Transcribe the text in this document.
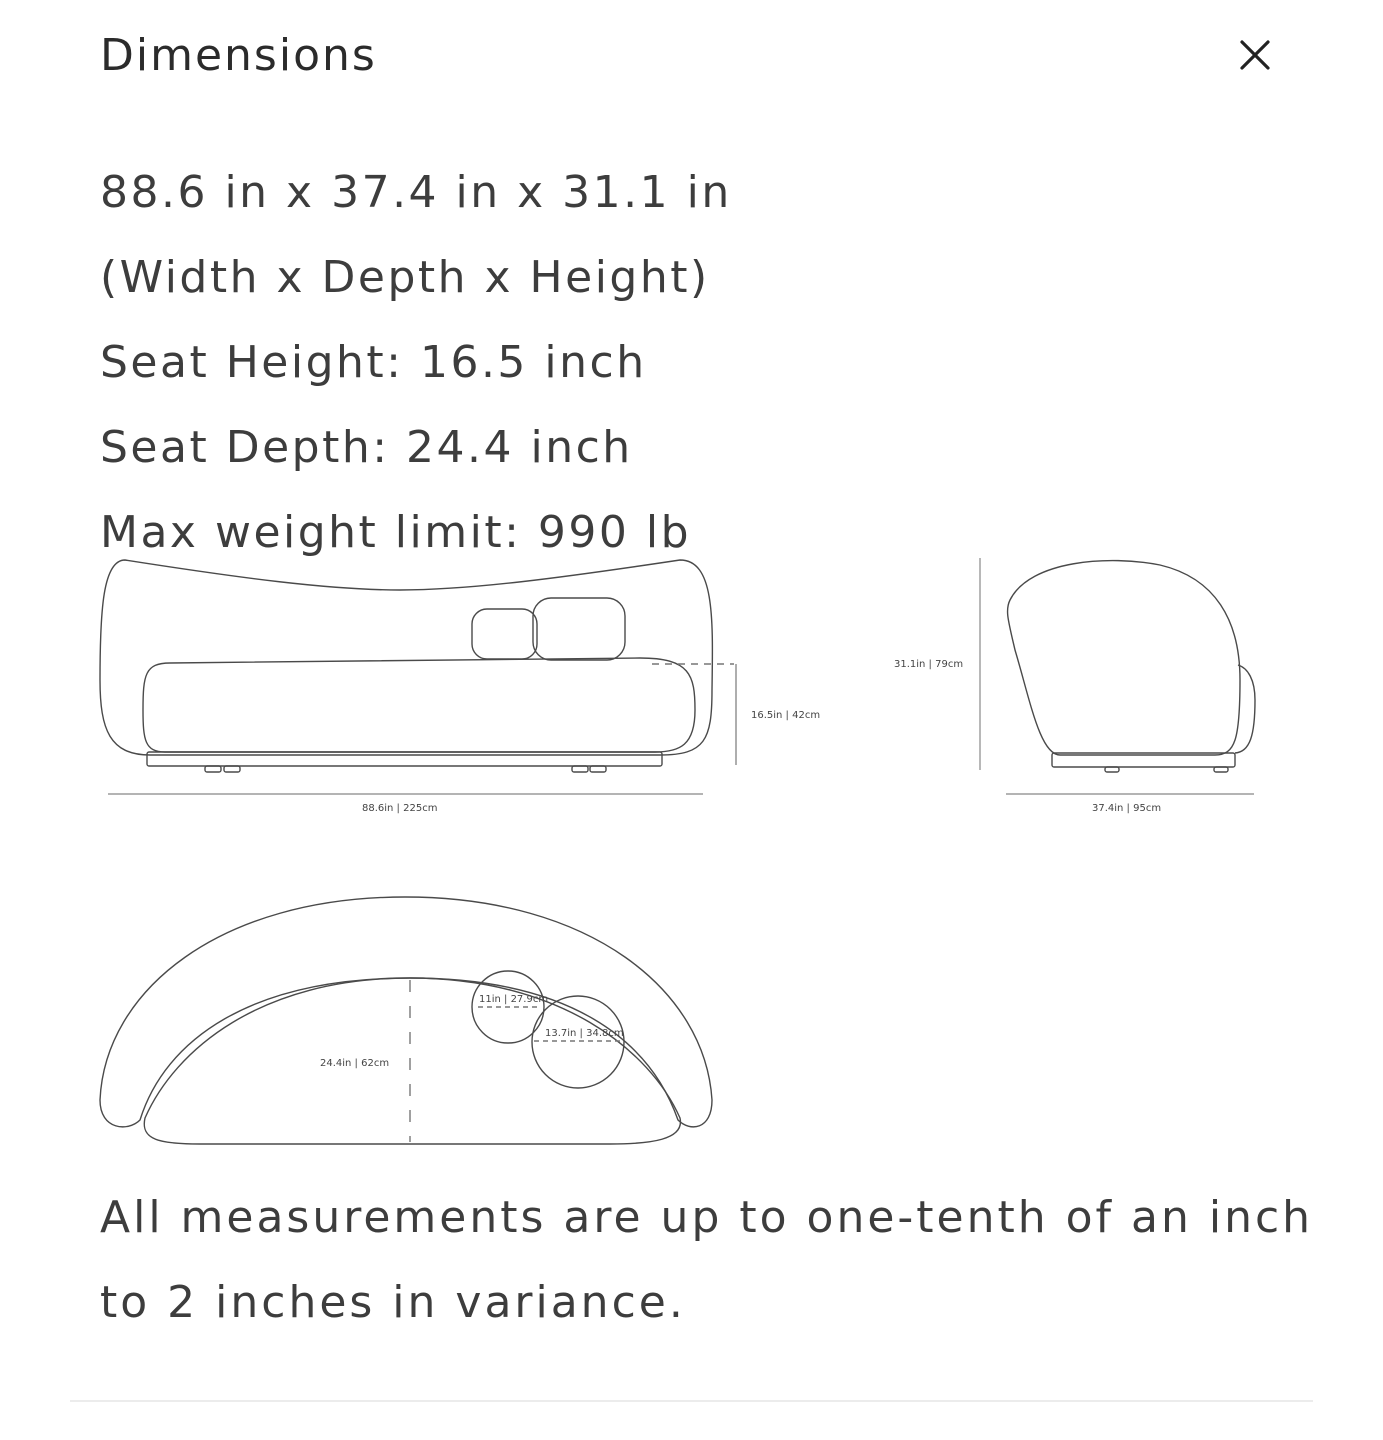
Dimensions
88.6 in x 37.4 in x 31.1 in
(Width x Depth x Height)
Seat Height: 16.5 inch
Seat Depth: 24.4 inch
Max weight limit: 990 lb
16.5in | 42cm
88.6in | 225cm
31.1in | 79cm
37.4in | 95cm
24.4in | 62cm
11in | 27.9cm
13.7in | 34.8cm

All measurements are up to one-tenth of an inch to 2 inches in variance.
